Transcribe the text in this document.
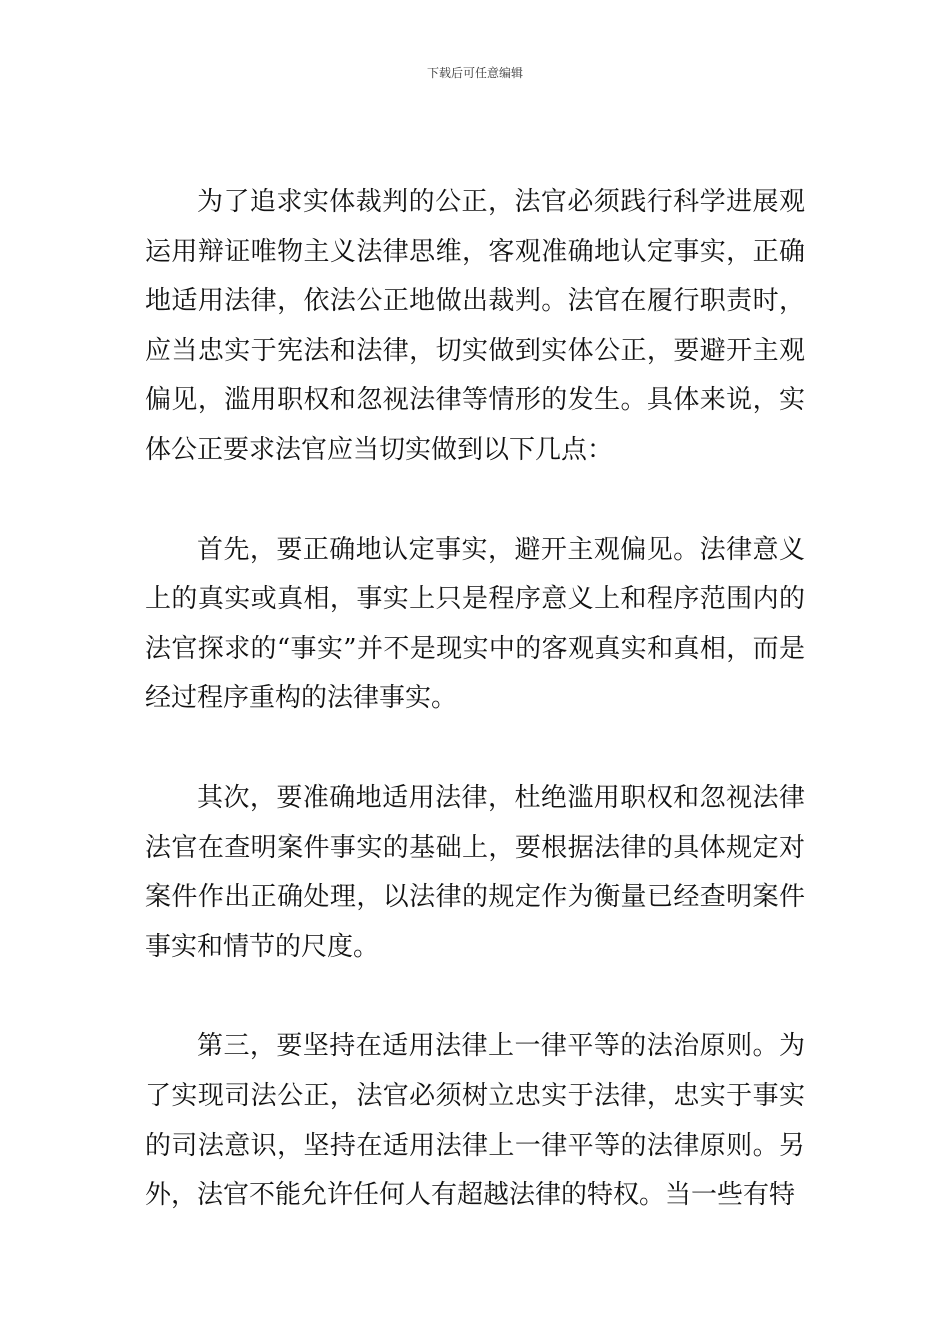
下载后可任意编辑

为了追求实体裁判的公正，法官必须践行科学进展观运用辩证唯物主义法律思维，客观准确地认定事实，正确地适用法律，依法公正地做出裁判。法官在履行职责时，应当忠实于宪法和法律，切实做到实体公正，要避开主观偏见，滥用职权和忽视法律等情形的发生。具体来说，实体公正要求法官应当切实做到以下几点：

首先，要正确地认定事实，避开主观偏见。法律意义上的真实或真相，事实上只是程序意义上和程序范围内的法官探求的“事实”并不是现实中的客观真实和真相，而是经过程序重构的法律事实。

其次，要准确地适用法律，杜绝滥用职权和忽视法律法官在查明案件事实的基础上，要根据法律的具体规定对案件作出正确处理，以法律的规定作为衡量已经查明案件事实和情节的尺度。

第三，要坚持在适用法律上一律平等的法治原则。为了实现司法公正，法官必须树立忠实于法律，忠实于事实的司法意识，坚持在适用法律上一律平等的法律原则。另外，法官不能允许任何人有超越法律的特权。当一些有特
